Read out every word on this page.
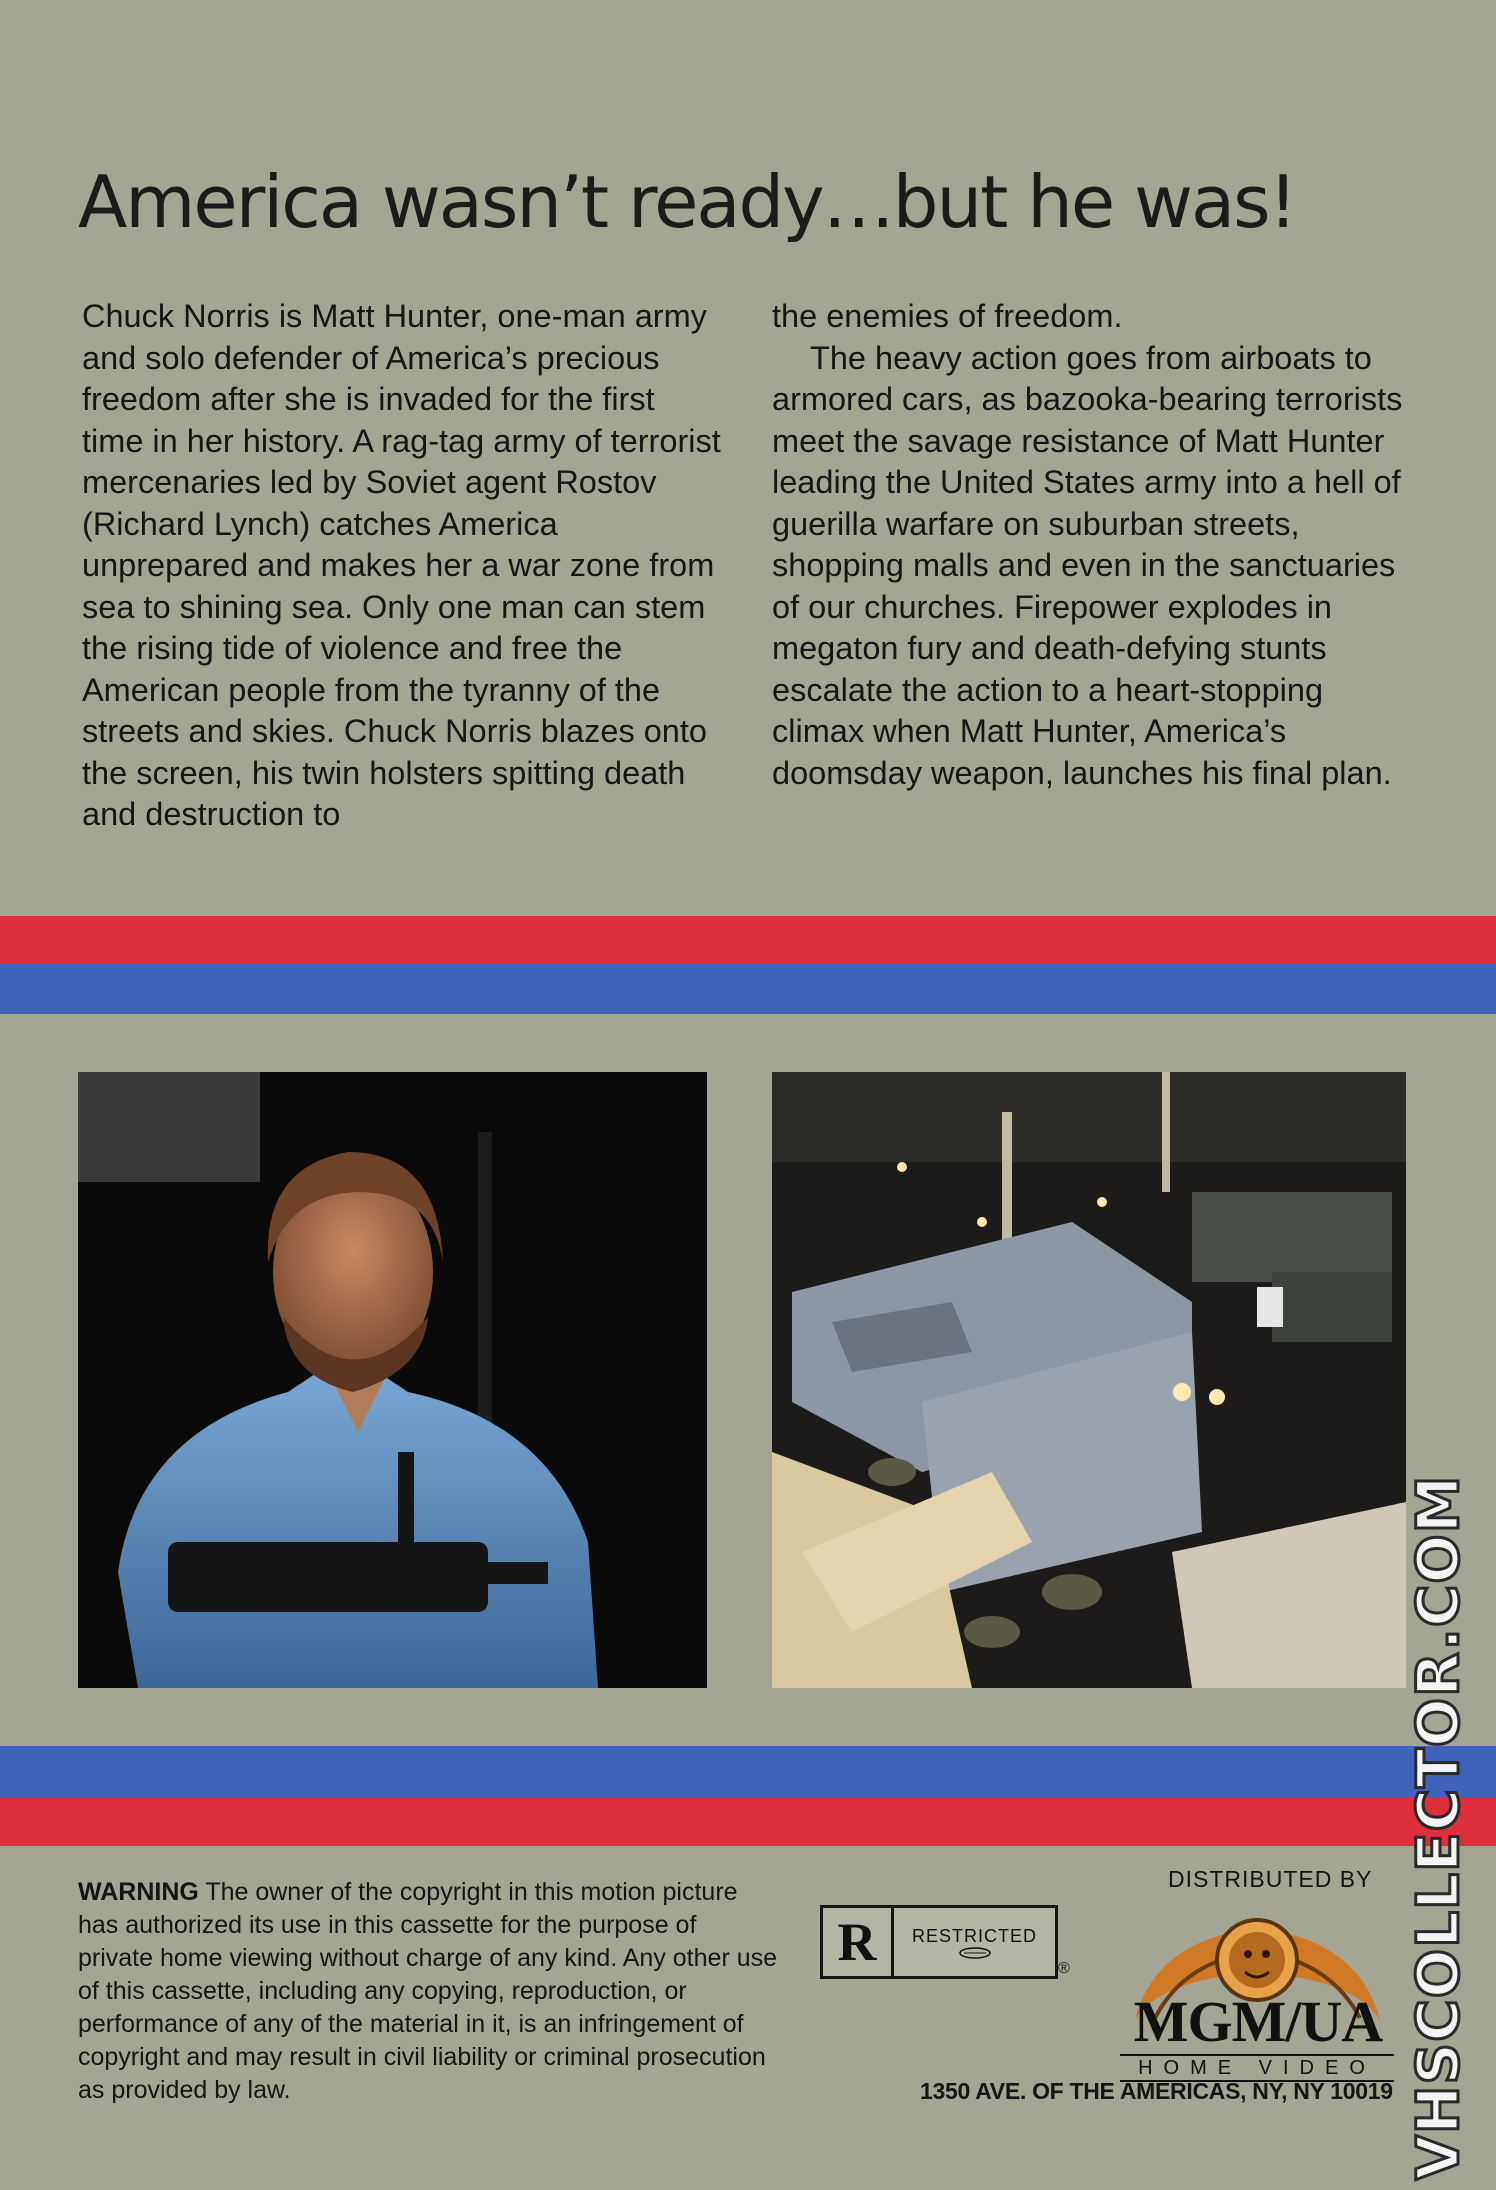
America wasn’t ready…but he was!

Chuck Norris is Matt Hunter, one-man army and solo defender of America’s precious freedom after she is invaded for the first time in her history. A rag-tag army of terrorist mercenaries led by Soviet agent Rostov (Richard Lynch) catches America unprepared and makes her a war zone from sea to shining sea. Only one man can stem the rising tide of violence and free the American people from the tyranny of the streets and skies. Chuck Norris blazes onto the screen, his twin holsters spitting death and destruction to

the enemies of freedom.

The heavy action goes from airboats to armored cars, as bazooka-bearing terrorists meet the savage resistance of Matt Hunter leading the United States army into a hell of guerilla warfare on suburban streets, shopping malls and even in the sanctuaries of our churches. Firepower explodes in megaton fury and death-defying stunts escalate the action to a heart-stopping climax when Matt Hunter, America’s doomsday weapon, launches his final plan.

WARNING The owner of the copyright in this motion picture has authorized its use in this cassette for the purpose of private home viewing without charge of any kind. Any other use of this cassette, including any copying, reproduction, or performance of any of the material in it, is an infringement of copyright and may result in civil liability or criminal prosecution as provided by law.
R	RESTRICTED
®
DISTRIBUTED BY
MGM/UA
HOME VIDEO
1350 AVE. OF THE AMERICAS, NY, NY 10019 VHSCOLLECTOR.COM
